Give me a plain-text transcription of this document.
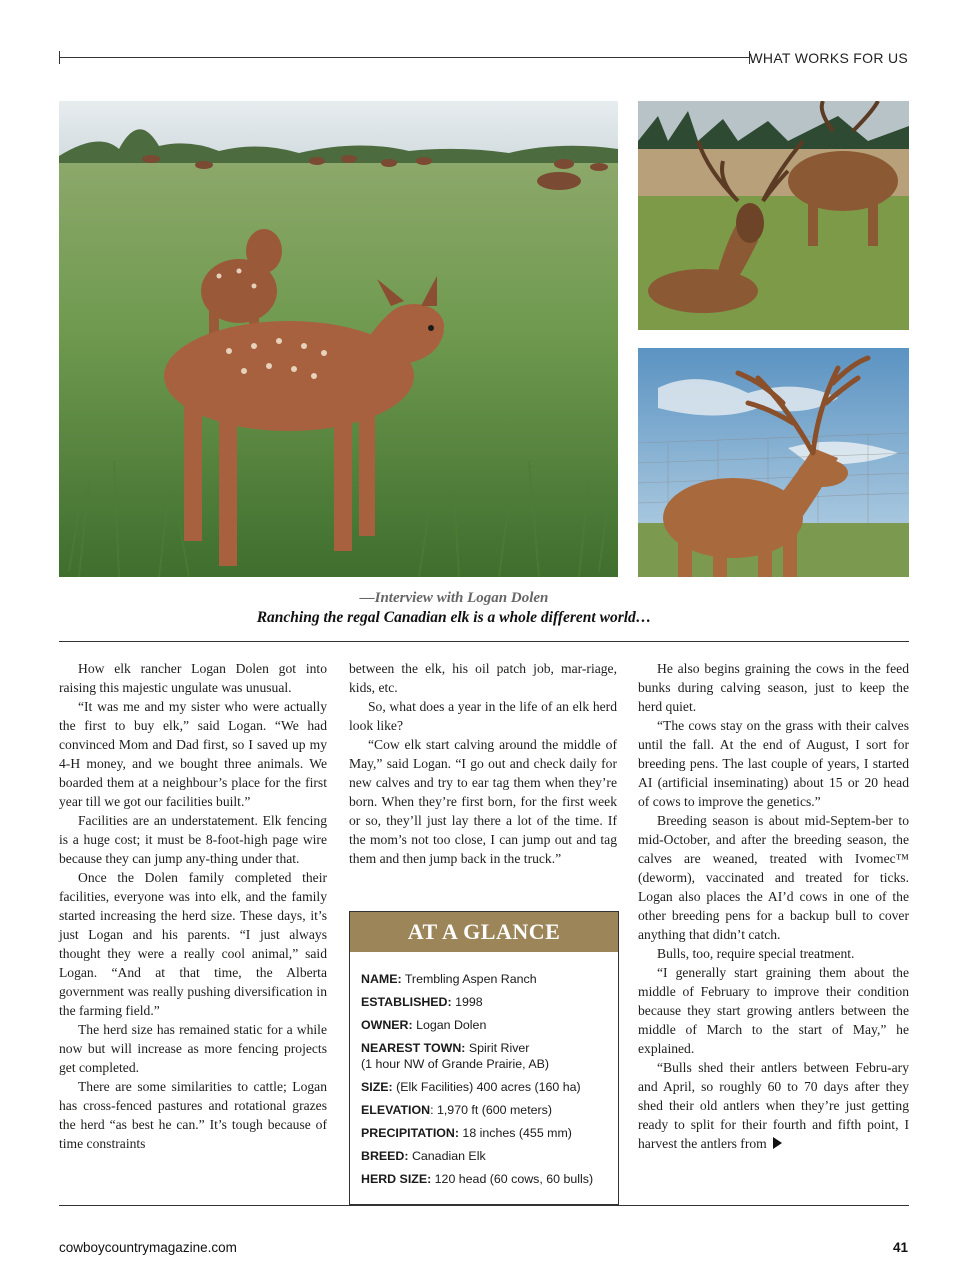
WHAT WORKS FOR US

—Interview with Logan Dolen

Ranching the regal Canadian elk is a whole different world…

How elk rancher Logan Dolen got into raising this majestic ungulate was unusual.

“It was me and my sister who were actually the first to buy elk,” said Logan. “We had convinced Mom and Dad first, so I saved up my 4-H money, and we bought three animals. We boarded them at a neighbour’s place for the first year till we got our facilities built.”

Facilities are an understatement. Elk fencing is a huge cost; it must be 8-foot-high page wire because they can jump any-thing under that.

Once the Dolen family completed their facilities, everyone was into elk, and the family started increasing the herd size. These days, it’s just Logan and his parents. “I just always thought they were a really cool animal,” said Logan. “And at that time, the Alberta government was really pushing diversification in the farming field.”

The herd size has remained static for a while now but will increase as more fencing projects get completed.

There are some similarities to cattle; Logan has cross-fenced pastures and rotational grazes the herd “as best he can.” It’s tough because of time constraints

between the elk, his oil patch job, mar-riage, kids, etc.

So, what does a year in the life of an elk herd look like?

“Cow elk start calving around the middle of May,” said Logan. “I go out and check daily for new calves and try to ear tag them when they’re born. When they’re first born, for the first week or so, they’ll just lay there a lot of the time. If the mom’s not too close, I can jump out and tag them and then jump back in the truck.”

AT A GLANCE
NAME: Trembling Aspen Ranch
ESTABLISHED: 1998
OWNER: Logan Dolen
NEAREST TOWN: Spirit River
(1 hour NW of Grande Prairie, AB)
SIZE: (Elk Facilities) 400 acres (160 ha)
ELEVATION: 1,970 ft (600 meters)
PRECIPITATION: 18 inches (455 mm)
BREED: Canadian Elk
HERD SIZE: 120 head (60 cows, 60 bulls)

He also begins graining the cows in the feed bunks during calving season, just to keep the herd quiet.

“The cows stay on the grass with their calves until the fall. At the end of August, I sort for breeding pens. The last couple of years, I started AI (artificial inseminating) about 15 or 20 head of cows to improve the genetics.”

Breeding season is about mid-Septem-ber to mid-October, and after the breeding season, the calves are weaned, treated with Ivomec™ (deworm), vaccinated and treated for ticks. Logan also places the AI’d cows in one of the other breeding pens for a backup bull to cover anything that didn’t catch.

Bulls, too, require special treatment.

“I generally start graining them about the middle of February to improve their condition because they start growing antlers between the middle of March to the start of May,” he explained.

“Bulls shed their antlers between Febru-ary and April, so roughly 60 to 70 days after they shed their old antlers when they’re just getting ready to split for their fourth and fifth point, I harvest the antlers from

cowboycountrymagazine.com	41
